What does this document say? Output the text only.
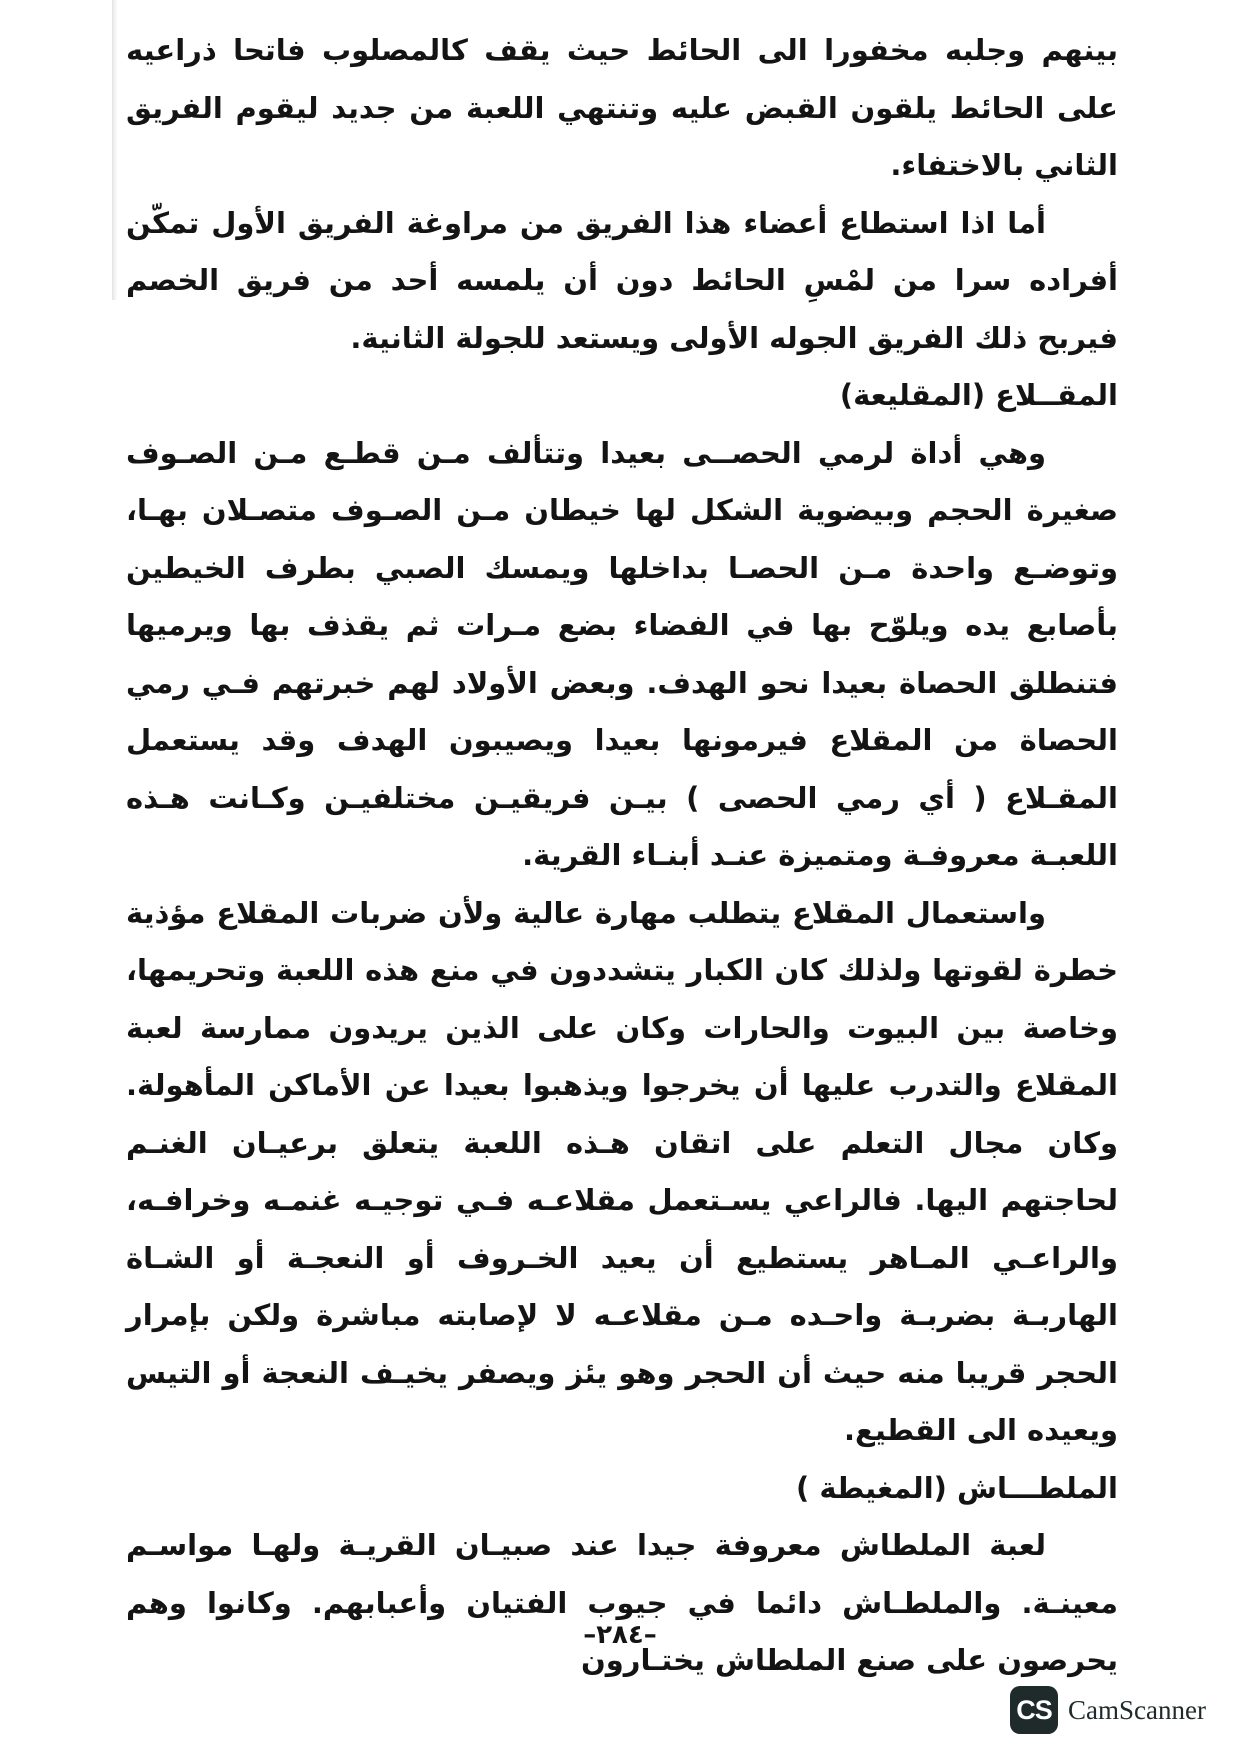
بينهم وجلبه مخفورا الى الحائط حيث يقف كالمصلوب فاتحا ذراعيه على الحائط يلقون القبض عليه وتنتهي اللعبة من جديد ليقوم الفريق الثاني بالاختفاء.

أما اذا استطاع أعضاء هذا الفريق من مراوغة الفريق الأول تمكّن أفراده سرا من لمْسِ الحائط دون أن يلمسه أحد من فريق الخصم فيربح ذلك الفريق الجوله الأولى ويستعد للجولة الثانية.

المقــلاع (المقليعة)

وهي أداة لرمي الحصــى بعيدا وتتألف مـن قطـع مـن الصـوف صغيرة الحجم وبيضوية الشكل لها خيطان مـن الصـوف متصـلان بهـا، وتوضـع واحدة مـن الحصـا بداخلها ويمسك الصبي بطرف الخيطين بأصابع يده ويلوّح بها في الفضاء بضع مـرات ثم يقذف بها ويرميها فتنطلق الحصاة بعيدا نحو الهدف. وبعض الأولاد لهم خبرتهم فـي رمي الحصاة من المقلاع فيرمونها بعيدا ويصيبون الهدف وقد يستعمل المقـلاع ( أي رمي الحصى ) بيـن فريقيـن مختلفيـن وكـانت هـذه اللعبـة معروفـة ومتميزة عنـد أبنـاء القرية.

واستعمال المقلاع يتطلب مهارة عالية ولأن ضربات المقلاع مؤذية خطرة لقوتها ولذلك كان الكبار يتشددون في منع هذه اللعبة وتحريمها، وخاصة بين البيوت والحارات وكان على الذين يريدون ممارسة لعبة المقلاع والتدرب عليها أن يخرجوا ويذهبوا بعيدا عن الأماكن المأهولة. وكان مجال التعلم على اتقان هـذه اللعبة يتعلق برعيـان الغنـم لحاجتهم اليها. فالراعي يسـتعمل مقلاعـه فـي توجيـه غنمـه وخرافـه، والراعـي المـاهر يستطيع أن يعيد الخـروف أو النعجـة أو الشـاة الهاربـة بضربـة واحـده مـن مقلاعـه لا لإصابته مباشرة ولكن بإمرار الحجر قريبا منه حيث أن الحجر وهو يئز ويصفر يخيـف النعجة أو التيس ويعيده الى القطيع.

الملطـــاش (المغيطة )

لعبة الملطاش معروفة جيدا عند صبيـان القريـة ولهـا مواسـم معينـة. والملطـاش دائما في جيوب الفتيان وأعبابهم. وكانوا وهم يحرصون على صنع الملطاش يختـارون

–٢٨٤–
CS CamScanner
